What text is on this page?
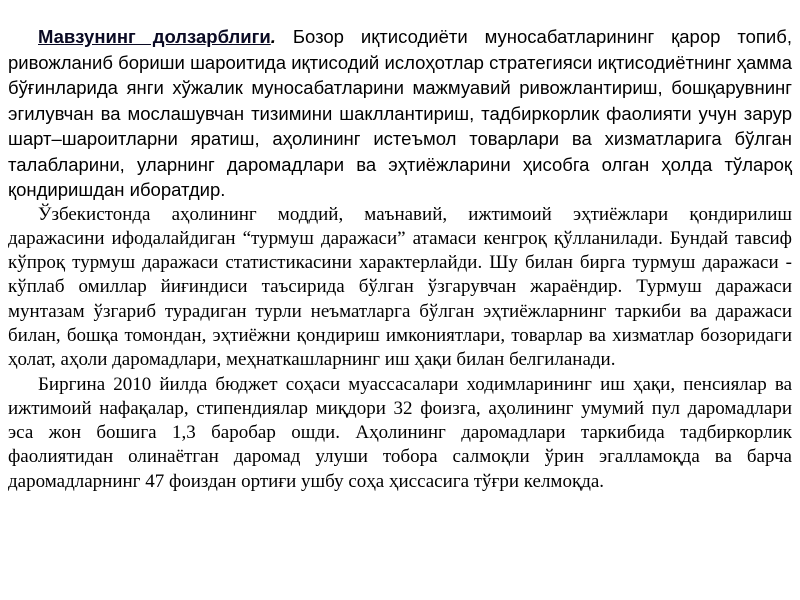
Мавзунинг долзарблиги. Бозор иқтисодиёти муносабатларининг қарор топиб, ривожланиб бориши шароитида иқтисодий ислоҳотлар стратегияси иқтисодиётнинг ҳамма бўғинларида янги хўжалик муносабатларини мажмуавий ривожлантириш, бошқарувнинг эгилувчан ва мослашувчан тизимини шакллантириш, тадбиркорлик фаолияти учун зарур шарт–шароитларни яратиш, аҳолининг истеъмол товарлари ва хизматларига бўлган талабларини, уларнинг даромадлари ва эҳтиёжларини ҳисобга олган ҳолда тўлароқ қондиришдан иборатдир.

Ўзбекистонда аҳолининг моддий, маънавий, ижтимоий эҳтиёжлари қондирилиш даражасини ифодалайдиган “турмуш даражаси” атамаси кенгроқ қўлланилади. Бундай тавсиф кўпроқ турмуш даражаси статистикасини характерлайди. Шу билан бирга турмуш даражаси - кўплаб омиллар йиғиндиси таъсирида бўлган ўзгарувчан жараёндир. Турмуш даражаси мунтазам ўзгариб турадиган турли неъматларга бўлган эҳтиёжларнинг таркиби ва даражаси билан, бошқа томондан, эҳтиёжни қондириш имкониятлари, товарлар ва хизматлар бозоридаги ҳолат, аҳоли даромадлари, меҳнаткашларнинг иш ҳақи билан белгиланади.

Биргина 2010 йилда бюджет соҳаси муассасалари ходимларининг иш ҳақи, пенсиялар ва ижтимоий нафақалар, стипендиялар миқдори 32 фоизга, аҳолининг умумий пул даромадлари эса жон бошига 1,3 баробар ошди. Аҳолининг даромадлари таркибида тадбиркорлик фаолиятидан олинаётган даромад улуши тобора салмоқли ўрин эгалламоқда ва барча даромадларнинг 47 фоиздан ортиғи ушбу соҳа ҳиссасига тўғри келмоқда.
